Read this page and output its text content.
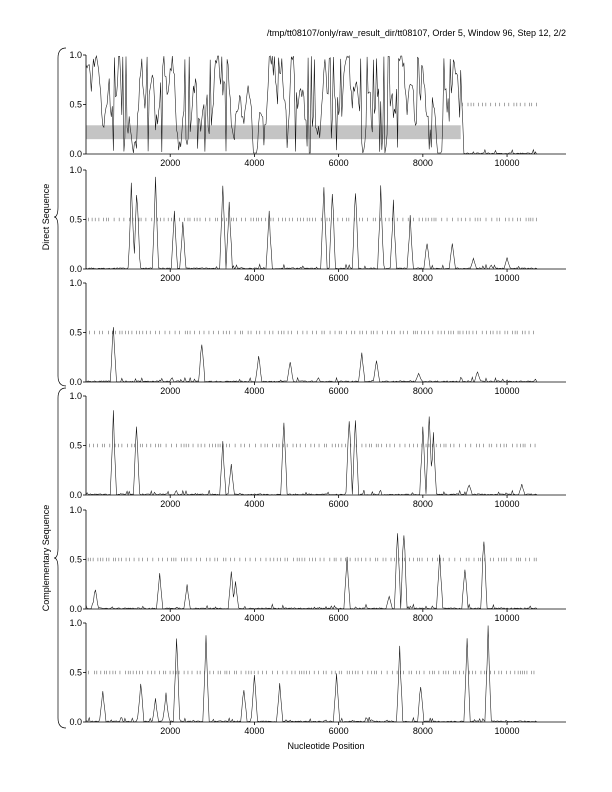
/tmp/tt08107/only/raw_result_dir/tt08107, Order 5, Window 96, Step 12, 2/2
0.0
0.5
1.0
2000	4000	6000	8000	10000
0.0
0.5
1.0
2000	4000	6000	8000	10000
0.0
0.5
1.0
2000	4000	6000	8000	10000
0.0
0.5
1.0
2000	4000	6000	8000	10000
0.0
0.5
1.0
2000	4000	6000	8000	10000
0.0
0.5
1.0
2000	4000	6000	8000	10000
Direct Sequence
Complementary Sequence
Nucleotide Position
